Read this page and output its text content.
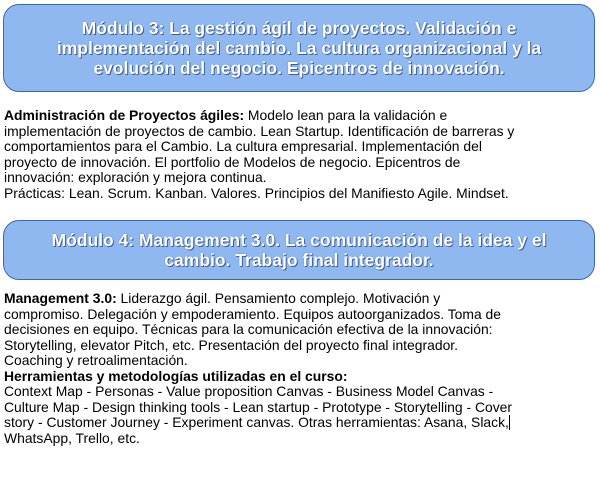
Módulo 3: La gestión ágil de proyectos. Validación e
implementación del cambio. La cultura organizacional y la
evolución del negocio. Epicentros de innovación.
Administración de Proyectos ágiles: Modelo lean para la validación e
implementación de proyectos de cambio. Lean Startup. Identificación de barreras y
comportamientos para el Cambio. La cultura empresarial. Implementación del
proyecto de innovación. El portfolio de Modelos de negocio. Epicentros de
innovación: exploración y mejora continua.
Prácticas: Lean. Scrum. Kanban. Valores. Principios del Manifiesto Agile. Mindset.
Módulo 4: Management 3.0. La comunicación de la idea y el
cambio. Trabajo final integrador.
Management 3.0: Liderazgo ágil. Pensamiento complejo. Motivación y
compromiso. Delegación y empoderamiento. Equipos autoorganizados. Toma de
decisiones en equipo. Técnicas para la comunicación efectiva de la innovación:
Storytelling, elevator Pitch, etc. Presentación del proyecto final integrador.
Coaching y retroalimentación.
Herramientas y metodologías utilizadas en el curso:
Context Map - Personas - Value proposition Canvas - Business Model Canvas -
Culture Map - Design thinking tools - Lean startup - Prototype - Storytelling - Cover
story - Customer Journey - Experiment canvas. Otras herramientas: Asana, Slack,
WhatsApp, Trello, etc.
